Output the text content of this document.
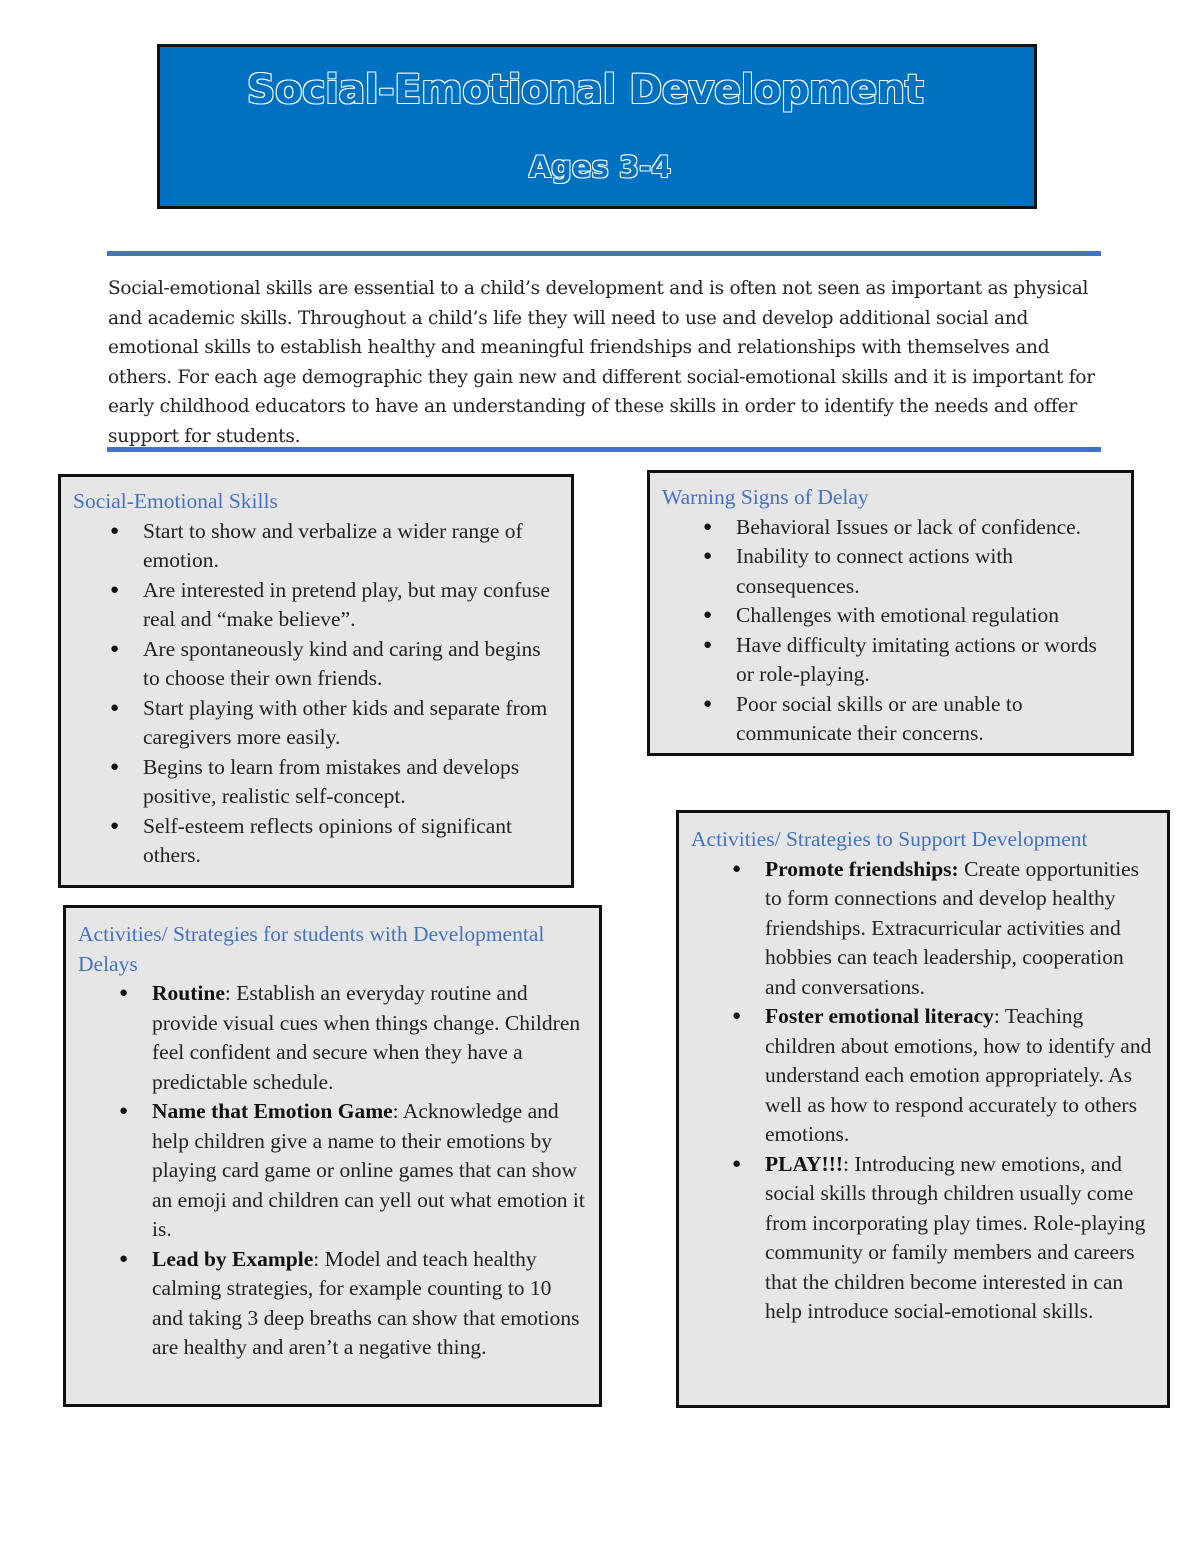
Social-Emotional Development
Ages 3-4

Social-emotional skills are essential to a child’s development and is often not seen as important as physical and academic skills. Throughout a child’s life they will need to use and develop additional social and emotional skills to establish healthy and meaningful friendships and relationships with themselves and others. For each age demographic they gain new and different social-emotional skills and it is important for early childhood educators to have an understanding of these skills in order to identify the needs and offer support for students.

Social-Emotional Skills
● Start to show and verbalize a wider range of emotion.
● Are interested in pretend play, but may confuse real and “make believe”.
● Are spontaneously kind and caring and begins to choose their own friends.
● Start playing with other kids and separate from caregivers more easily.
● Begins to learn from mistakes and develops positive, realistic self-concept.
● Self-esteem reflects opinions of significant others.
●
Warning Signs of Delay
● Behavioral Issues or lack of confidence.
● Inability to connect actions with consequences.
● Challenges with emotional regulation
● Have difficulty imitating actions or words or role-playing.
● Poor social skills or are unable to communicate their concerns.
Activities/ Strategies for students with Developmental Delays
● Routine: Establish an everyday routine and provide visual cues when things change. Children feel confident and secure when they have a predictable schedule.
● Name that Emotion Game: Acknowledge and help children give a name to their emotions by playing card game or online games that can show an emoji and children can yell out what emotion it is.
● Lead by Example: Model and teach healthy calming strategies, for example counting to 10 and taking 3 deep breaths can show that emotions are healthy and aren’t a negative thing.
Activities/ Strategies to Support Development
● Promote friendships: Create opportunities to form connections and develop healthy friendships. Extracurricular activities and hobbies can teach leadership, cooperation and conversations.
● Foster emotional literacy: Teaching children about emotions, how to identify and understand each emotion appropriately. As well as how to respond accurately to others emotions.
● PLAY!!!: Introducing new emotions, and social skills through children usually come from incorporating play times. Role-playing community or family members and careers that the children become interested in can help introduce social-emotional skills.
